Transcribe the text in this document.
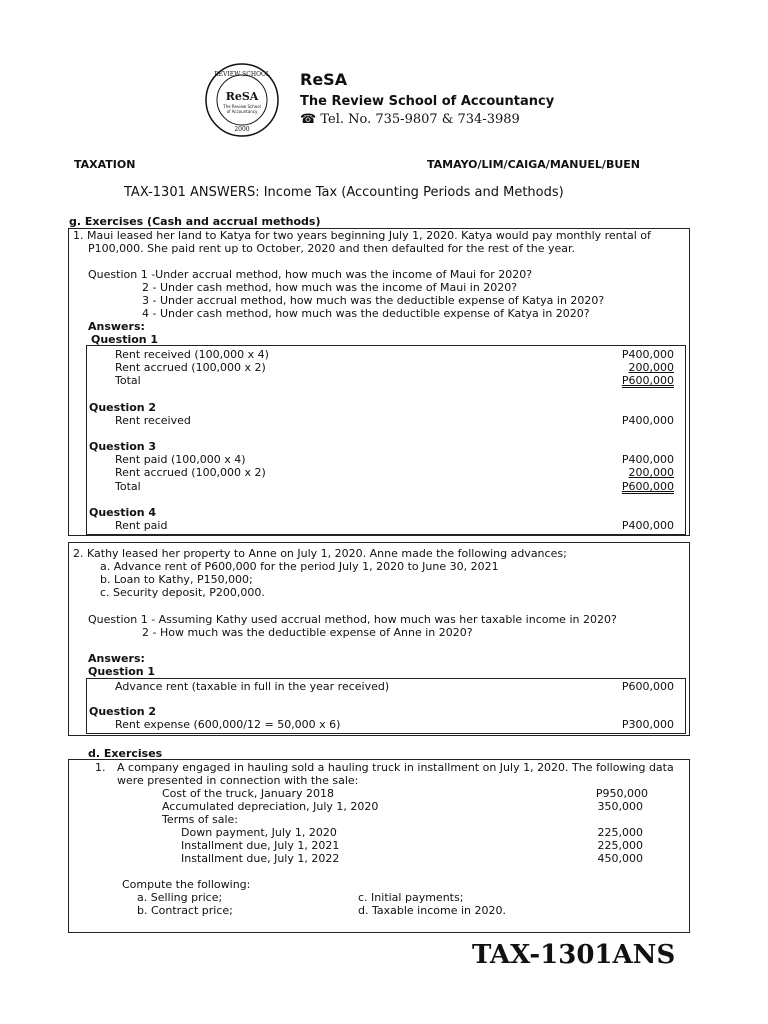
REVIEW SCHOOL
2000
ReSA
The Review School
of Accountancy
ReSA
The Review School of Accountancy
☎ Tel. No. 735-9807 & 734-3989
TAXATION	TAMAYO/LIM/CAIGA/MANUEL/BUEN
TAX-1301 ANSWERS: Income Tax (Accounting Periods and Methods)
g. Exercises (Cash and accrual methods)
1. Maui leased her land to Katya for two years beginning July 1, 2020. Katya would pay monthly rental of
P100,000. She paid rent up to October, 2020 and then defaulted for the rest of the year.
Question 1 -Under accrual method, how much was the income of Maui for 2020?
2 - Under cash method, how much was the income of Maui in 2020?
3 - Under accrual method, how much was the deductible expense of Katya in 2020?
4 - Under cash method, how much was the deductible expense of Katya in 2020?
Answers:
Question 1
Rent received (100,000 x 4)	P400,000
Rent accrued (100,000 x 2)	200,000
Total	P600,000
Question 2
Rent received	P400,000
Question 3
Rent paid (100,000 x 4)	P400,000
Rent accrued (100,000 x 2)	200,000
Total	P600,000
Question 4
Rent paid	P400,000
2. Kathy leased her property to Anne on July 1, 2020. Anne made the following advances;
a. Advance rent of P600,000 for the period July 1, 2020 to June 30, 2021
b. Loan to Kathy, P150,000;
c. Security deposit, P200,000.
Question 1 - Assuming Kathy used accrual method, how much was her taxable income in 2020?
2 - How much was the deductible expense of Anne in 2020?
Answers:
Question 1
Advance rent (taxable in full in the year received)	P600,000
Question 2
Rent expense (600,000/12 = 50,000 x 6)	P300,000
d. Exercises
1. A company engaged in hauling sold a hauling truck in installment on July 1, 2020. The following data
were presented in connection with the sale:
Cost of the truck, January 2018	P950,000
Accumulated depreciation, July 1, 2020	350,000
Terms of sale:
Down payment, July 1, 2020	225,000
Installment due, July 1, 2021	225,000
Installment due, July 1, 2022	450,000
Compute the following:
a. Selling price;
b. Contract price;
c. Initial payments;
d. Taxable income in 2020.
TAX-1301ANS
